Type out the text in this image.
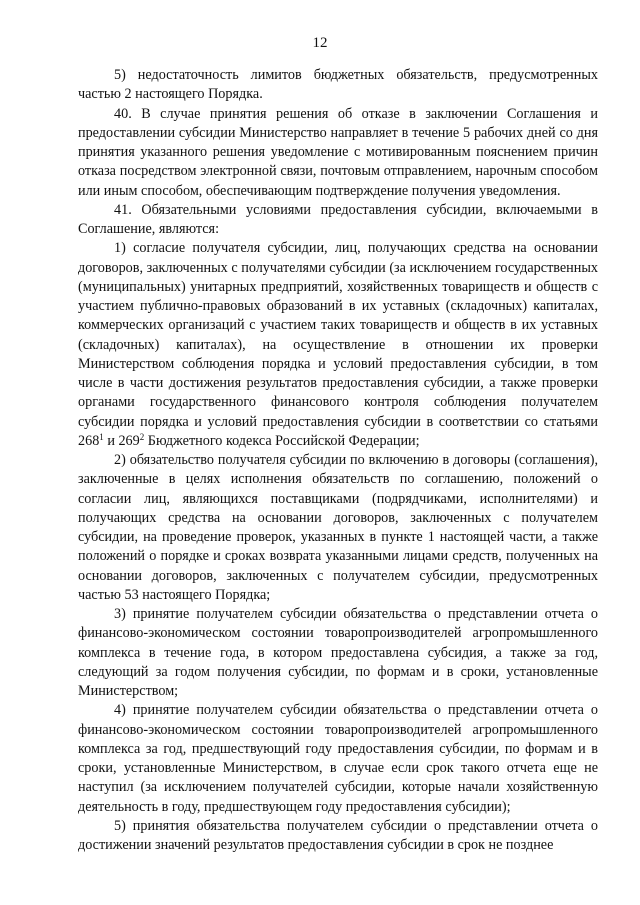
12

5) недостаточность лимитов бюджетных обязательств, предусмотренных частью 2 настоящего Порядка.

40. В случае принятия решения об отказе в заключении Соглашения и предоставлении субсидии Министерство направляет в течение 5 рабочих дней со дня принятия указанного решения уведомление с мотивированным пояснением причин отказа посредством электронной связи, почтовым отправлением, нарочным способом или иным способом, обеспечивающим подтверждение получения уведомления.

41. Обязательными условиями предоставления субсидии, включаемыми в Соглашение, являются:

1) согласие получателя субсидии, лиц, получающих средства на основании договоров, заключенных с получателями субсидии (за исключением государственных (муниципальных) унитарных предприятий, хозяйственных товариществ и обществ с участием публично-правовых образований в их уставных (складочных) капиталах, коммерческих организаций с участием таких товариществ и обществ в их уставных (складочных) капиталах), на осуществление в отношении их проверки Министерством соблюдения порядка и условий предоставления субсидии, в том числе в части достижения результатов предоставления субсидии, а также проверки органами государственного финансового контроля соблюдения получателем субсидии порядка и условий предоставления субсидии в соответствии со статьями $268^1$ и $269^2$ Бюджетного кодекса Российской Федерации;

2) обязательство получателя субсидии по включению в договоры (соглашения), заключенные в целях исполнения обязательств по соглашению, положений о согласии лиц, являющихся поставщиками (подрядчиками, исполнителями) и получающих средства на основании договоров, заключенных с получателем субсидии, на проведение проверок, указанных в пункте 1 настоящей части, а также положений о порядке и сроках возврата указанными лицами средств, полученных на основании договоров, заключенных с получателем субсидии, предусмотренных частью 53 настоящего Порядка;

3) принятие получателем субсидии обязательства о представлении отчета о финансово-экономическом состоянии товаропроизводителей агропромышленного комплекса в течение года, в котором предоставлена субсидия, а также за год, следующий за годом получения субсидии, по формам и в сроки, установленные Министерством;

4) принятие получателем субсидии обязательства о представлении отчета о финансово-экономическом состоянии товаропроизводителей агропромышленного комплекса за год, предшествующий году предоставления субсидии, по формам и в сроки, установленные Министерством, в случае если срок такого отчета еще не наступил (за исключением получателей субсидии, которые начали хозяйственную деятельность в году, предшествующем году предоставления субсидии);

5) принятия обязательства получателем субсидии о представлении отчета о достижении значений результатов предоставления субсидии в срок не позднее
